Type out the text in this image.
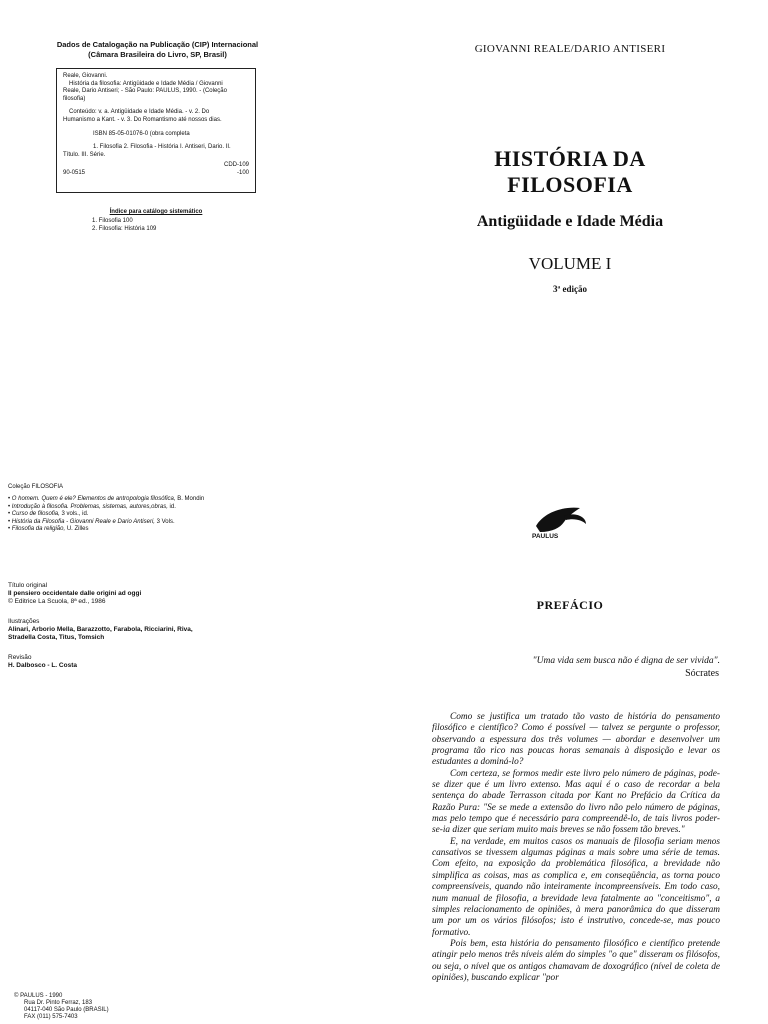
Dados de Catalogação na Publicação (CIP) Internacional
(Câmara Brasileira do Livro, SP, Brasil)
Reale, Giovanni.
História da filosofia: Antigüidade e Idade Média / Giovanni
Reale, Dario Antiseri; - São Paulo: PAULUS, 1990. - (Coleção
filosofia)
Conteúdo: v. a. Antigüidade e Idade Média. - v. 2. Do
Humanismo a Kant. - v. 3. Do Romantismo até nossos dias.
ISBN 85-05-01076-0 (obra completa
1. Filosofia 2. Filosofia - História I. Antiseri, Dario. II.
Título. III. Série.
CDD-109
90-0515	-100
Índice para catálogo sistemático
1. Filosofia 100
2. Filosofia: História 109
Coleção FILOSOFIA
• O homem. Quem é ele? Elementos de antropologia filosófica, B. Mondin
• Introdução à filosofia. Problemas, sistemas, autores,obras, id.
• Curso de filosofia, 3 vols., id.
• História da Filosofia - Giovanni Reale e Dario Antiseri, 3 Vols.
• Filosofia da religião, U. Zilles
Título original
Il pensiero occidentale dalle origini ad oggi
© Editrice La Scuola, 8ª ed., 1986
Ilustrações
Alinari, Arborio Mella, Barazzotto, Farabola, Ricciarini, Riva,
Stradella Costa, Titus, Tomsich
Revisão
H. Dalbosco - L. Costa
© PAULUS - 1990
Rua Dr. Pinto Ferraz, 183
04117-040 São Paulo (BRASIL)
FAX (011) 575-7403
GIOVANNI REALE/DARIO ANTISERI
HISTÓRIA DA
FILOSOFIA
Antigüidade e Idade Média
VOLUME I
3ª edição
PAULUS
PREFÁCIO
"Uma vida sem busca não é digna de ser vivida".
Sócrates

Como se justifica um tratado tão vasto de história do pensamento filosófico e científico? Como é possível — talvez se pergunte o professor, observando a espessura dos três volumes — abordar e desenvolver um programa tão rico nas poucas horas semanais à disposição e levar os estudantes a dominá-lo?

Com certeza, se formos medir este livro pelo número de páginas, pode-se dizer que é um livro extenso. Mas aqui é o caso de recordar a bela sentença do abade Terrasson citada por Kant no Prefácio da Crítica da Razão Pura: "Se se mede a extensão do livro não pelo número de páginas, mas pelo tempo que é necessário para compreendê-lo, de tais livros poder-se-ia dizer que seriam muito mais breves se não fossem tão breves."

E, na verdade, em muitos casos os manuais de filosofia seriam menos cansativos se tivessem algumas páginas a mais sobre uma série de temas. Com efeito, na exposição da problemática filosófica, a brevidade não simplifica as coisas, mas as complica e, em conseqüência, as torna pouco compreensíveis, quando não inteiramente incompreensíveis. Em todo caso, num manual de filosofia, a brevidade leva fatalmente ao "conceitismo", a simples relacionamento de opiniões, à mera panorâmica do que disseram um por um os vários filósofos; isto é instrutivo, concede-se, mas pouco formativo.

Pois bem, esta história do pensamento filosófico e científico pretende atingir pelo menos três níveis além do simples "o que" disseram os filósofos, ou seja, o nível que os antigos chamavam de doxográfico (nível de coleta de opiniões), buscando explicar "por
